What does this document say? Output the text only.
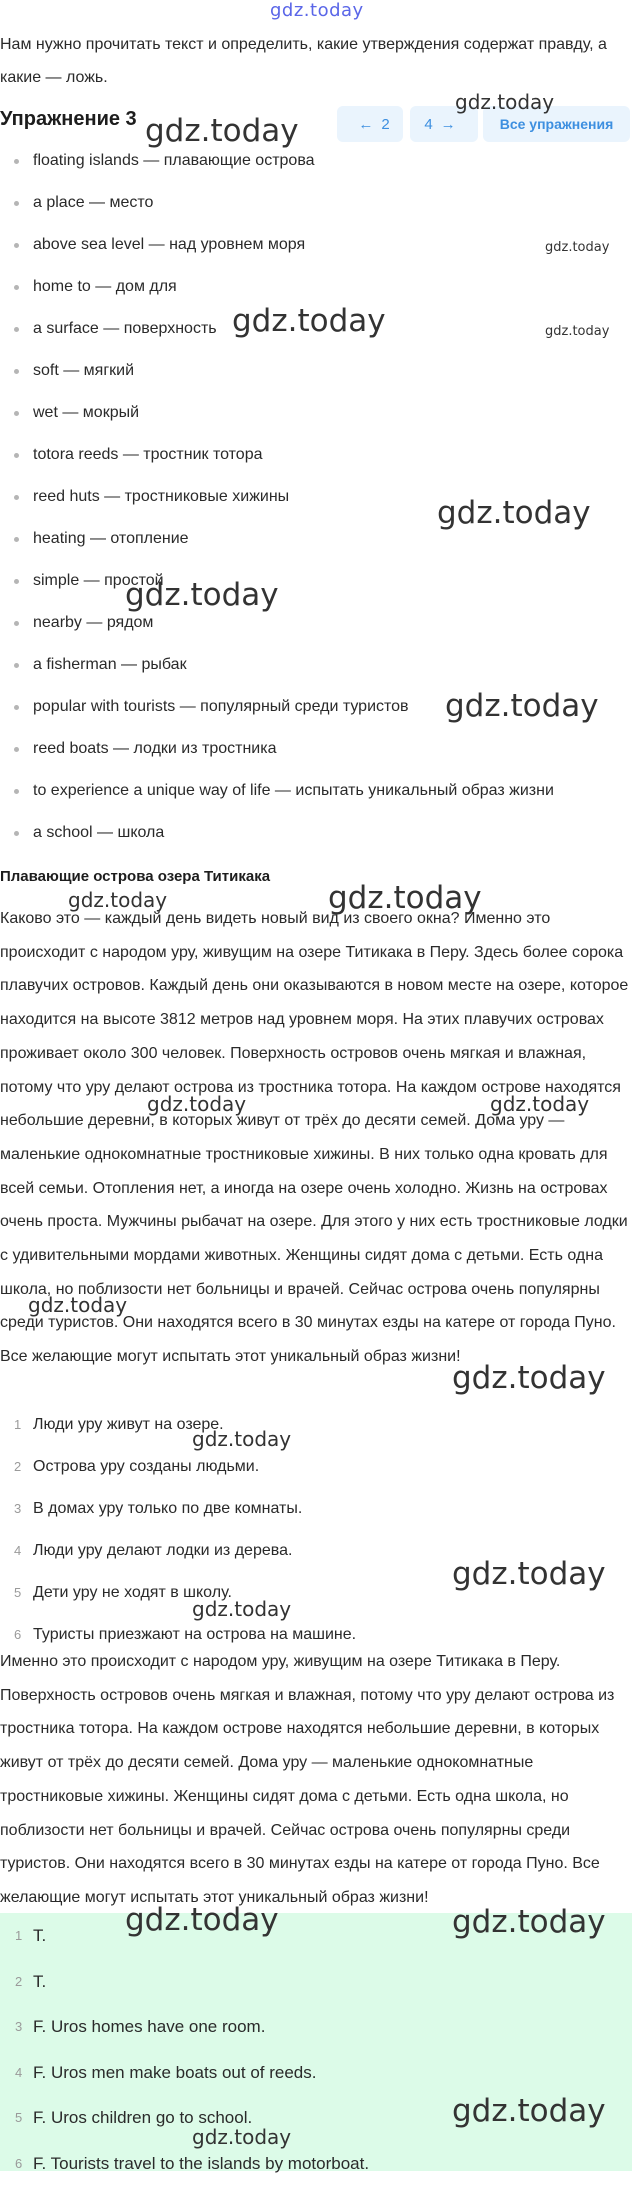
gdz.today
Нам нужно прочитать текст и определить, какие утверждения содержат правду, а какие — ложь.
Упражнение 3	← 2 4 →	Все упражнения
floating islands — плавающие острова
a place — место
above sea level — над уровнем моря
home to — дом для
a surface — поверхность
soft — мягкий
wet — мокрый
totora reeds — тростник тотора
reed huts — тростниковые хижины
heating — отопление
simple — простой
nearby — рядом
a fisherman — рыбак
popular with tourists — популярный среди туристов
reed boats — лодки из тростника
to experience a unique way of life — испытать уникальный образ жизни
a school — школа
Плавающие острова озера Титикака
Каково это — каждый день видеть новый вид из своего окна? Именно это происходит с народом уру, живущим на озере Титикака в Перу. Здесь более сорока плавучих островов. Каждый день они оказываются в новом месте на озере, которое находится на высоте 3812 метров над уровнем моря. На этих плавучих островах проживает около 300 человек. Поверхность островов очень мягкая и влажная, потому что уру делают острова из тростника тотора. На каждом острове находятся небольшие деревни, в которых живут от трёх до десяти семей. Дома уру — маленькие однокомнатные тростниковые хижины. В них только одна кровать для всей семьи. Отопления нет, а иногда на озере очень холодно. Жизнь на островах очень проста. Мужчины рыбачат на озере. Для этого у них есть тростниковые лодки с удивительными мордами животных. Женщины сидят дома с детьми. Есть одна школа, но поблизости нет больницы и врачей. Сейчас острова очень популярны среди туристов. Они находятся всего в 30 минутах езды на катере от города Пуно. Все желающие могут испытать этот уникальный образ жизни!
1 Люди уру живут на озере.
2 Острова уру созданы людьми.
3 В домах уру только по две комнаты.
4 Люди уру делают лодки из дерева.
5 Дети уру не ходят в школу.
6 Туристы приезжают на острова на машине.
Именно это происходит с народом уру, живущим на озере Титикака в Перу. Поверхность островов очень мягкая и влажная, потому что уру делают острова из тростника тотора. На каждом острове находятся небольшие деревни, в которых живут от трёх до десяти семей. Дома уру — маленькие однокомнатные тростниковые хижины. Женщины сидят дома с детьми. Есть одна школа, но поблизости нет больницы и врачей. Сейчас острова очень популярны среди туристов. Они находятся всего в 30 минутах езды на катере от города Пуно. Все желающие могут испытать этот уникальный образ жизни!
1 T.
2 T.
3 F. Uros homes have one room.
4 F. Uros men make boats out of reeds.
5 F. Uros children go to school.
6 F. Tourists travel to the islands by motorboat.
gdz.today
gdz.today
gdz.today
gdz.today	gdz.today
gdz.today
gdz.today
gdz.today
gdz.today
gdz.today
gdz.today	gdz.today
gdz.today
gdz.today
gdz.today
gdz.today
gdz.today
gdz.today	gdz.today
gdz.today
gdz.today
